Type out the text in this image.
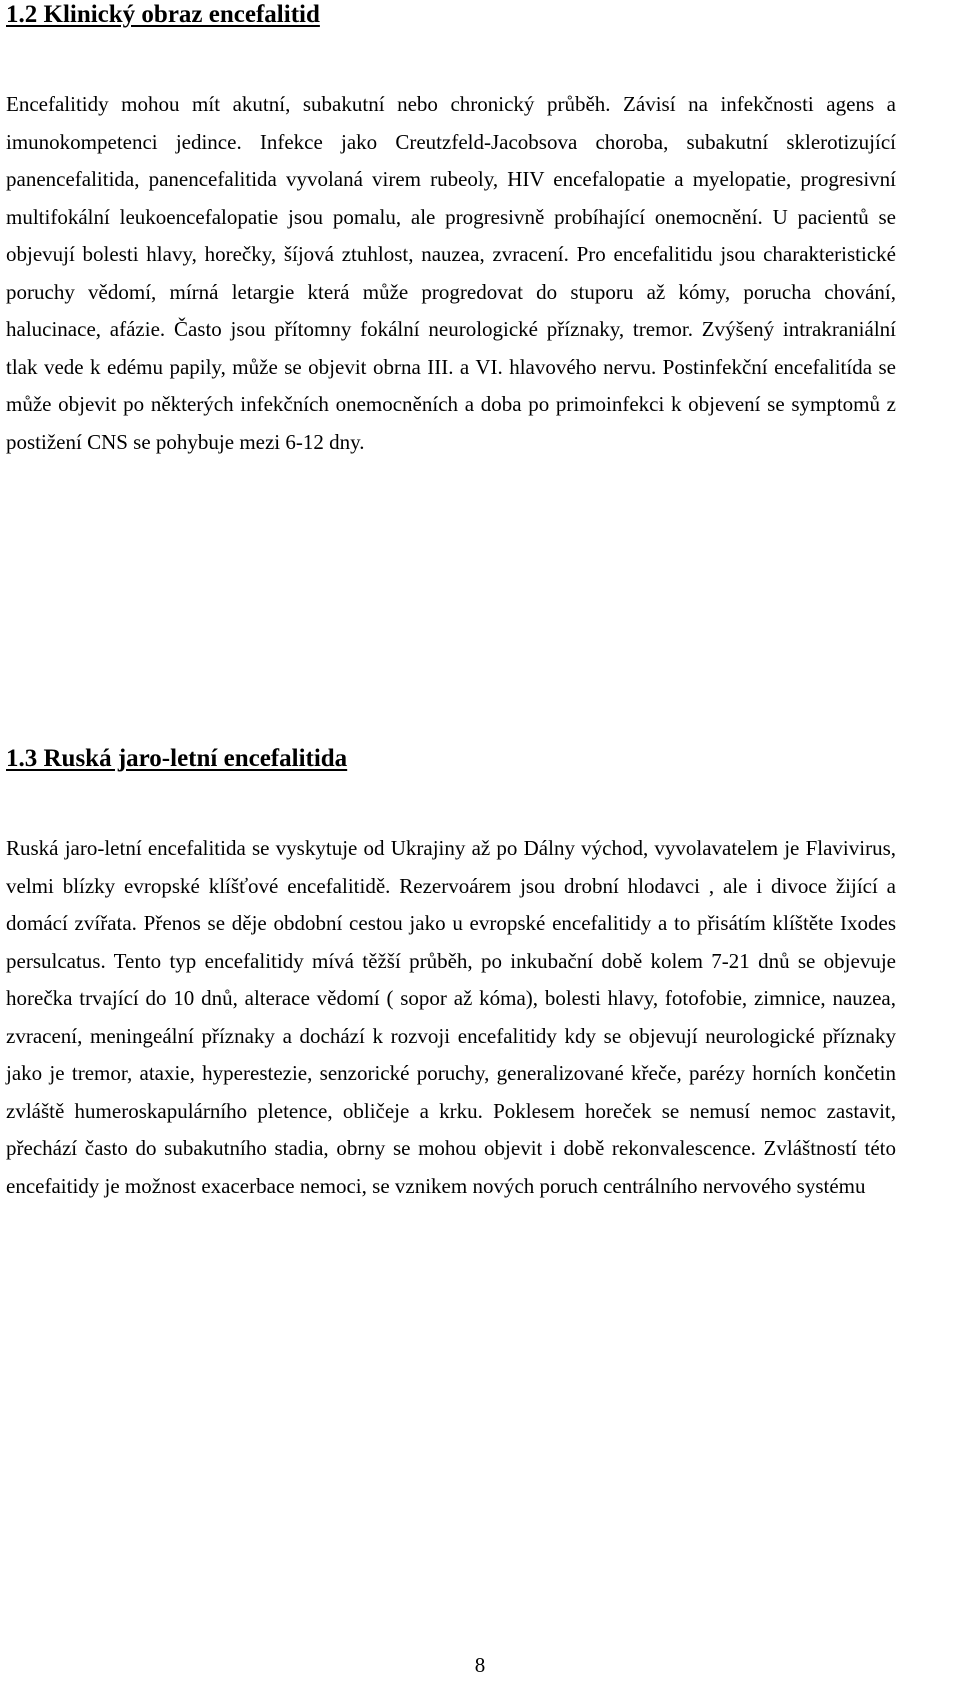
1.2 Klinický obraz encefalitid

Encefalitidy mohou mít akutní, subakutní nebo chronický průběh. Závisí na infekčnosti agens a imunokompetenci jedince. Infekce jako Creutzfeld-Jacobsova choroba, subakutní sklerotizující panencefalitida, panencefalitida vyvolaná virem rubeoly, HIV encefalopatie a myelopatie, progresivní multifokální leukoencefalopatie jsou pomalu, ale progresivně probíhající onemocnění. U pacientů se objevují bolesti hlavy, horečky, šíjová ztuhlost, nauzea, zvracení. Pro encefalitidu jsou charakteristické poruchy vědomí, mírná letargie která může progredovat do stuporu až kómy, porucha chování, halucinace, afázie. Často jsou přítomny fokální neurologické příznaky, tremor. Zvýšený intrakraniální tlak vede k edému papily, může se objevit obrna III. a VI. hlavového nervu. Postinfekční encefalitída se může objevit po některých infekčních onemocněních a doba po primoinfekci k objevení se symptomů z postižení CNS se pohybuje mezi 6-12 dny.

1.3 Ruská jaro-letní encefalitida

Ruská jaro-letní encefalitida se vyskytuje od Ukrajiny až po Dálny východ, vyvolavatelem je Flavivirus, velmi blízky evropské klíšťové encefalitidě. Rezervoárem jsou drobní hlodavci , ale i divoce žijící a domácí zvířata. Přenos se děje obdobní cestou jako u evropské encefalitidy a to přisátím klíštěte Ixodes persulcatus. Tento typ encefalitidy mívá těžší průběh, po inkubační době kolem 7-21 dnů se objevuje horečka trvající do 10 dnů, alterace vědomí ( sopor až kóma), bolesti hlavy, fotofobie, zimnice, nauzea, zvracení, meningeální příznaky a dochází k rozvoji encefalitidy kdy se objevují neurologické příznaky jako je tremor, ataxie, hyperestezie, senzorické poruchy, generalizované křeče, parézy horních končetin zvláště humeroskapulárního pletence, obličeje a krku. Poklesem horeček se nemusí nemoc zastavit, přechází často do subakutního stadia, obrny se mohou objevit i době rekonvalescence. Zvláštností této encefaitidy je možnost exacerbace nemoci, se vznikem nových poruch centrálního nervového systému

8
